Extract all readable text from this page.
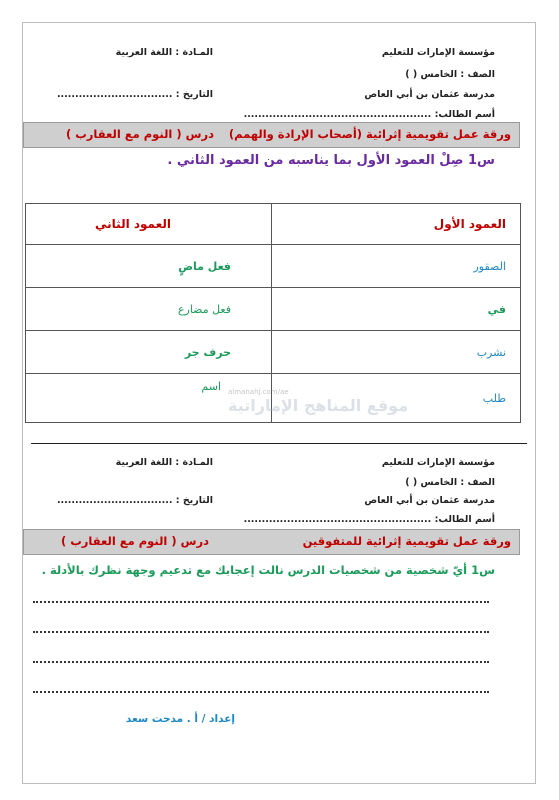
مؤسسة الإمارات للتعليم
المـادة : اللغة العربية
الصف : الخامس ( )
التاريخ : ................................	مدرسة عثمان بن أبي العاص
أسم الطالب: ....................................................
ورقة عمل تقويمية إثرائية (أصحاب الإرادة والهمم)
درس ( النوم مع العقارب )
س1 صِلْ العمود الأول بما يناسبه من العمود الثاني .
العمود الأول	العمود الثاني
الصقور	فعل ماضٍ
في	فعل مضارع
نشرب	حرف جر
طلب	اسم almanahj.com/ae
موقع المناهج الإماراتية
مؤسسة الإمارات للتعليم
المـادة : اللغة العربية
الصف : الخامس ( )
التاريخ : ................................	مدرسة عثمان بن أبي العاص
أسم الطالب: ....................................................
ورقة عمل تقويمية إثرائية للمتفوقين
درس ( النوم مع العقارب )
س1 أيّ شخصية من شخصيات الدرس نالت إعجابك مع تدعيم وجهة نظرك بالأدلة .
إعداد / أ . مدحت سعد
